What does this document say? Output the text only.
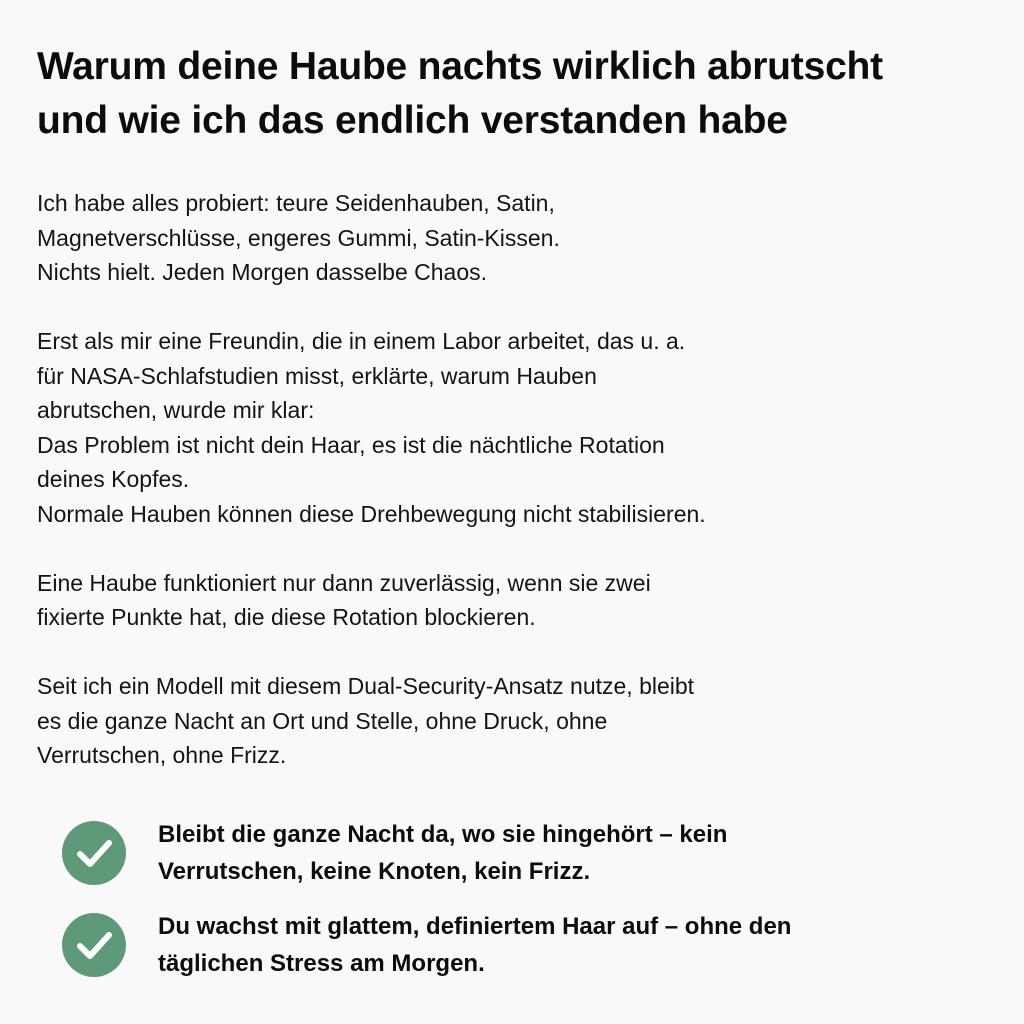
Warum deine Haube nachts wirklich abrutscht
und wie ich das endlich verstanden habe

Ich habe alles probiert: teure Seidenhauben, Satin,
Magnetverschlüsse, engeres Gummi, Satin-Kissen.
Nichts hielt. Jeden Morgen dasselbe Chaos.

Erst als mir eine Freundin, die in einem Labor arbeitet, das u. a.
für NASA-Schlafstudien misst, erklärte, warum Hauben
abrutschen, wurde mir klar:
Das Problem ist nicht dein Haar, es ist die nächtliche Rotation
deines Kopfes.
Normale Hauben können diese Drehbewegung nicht stabilisieren.

Eine Haube funktioniert nur dann zuverlässig, wenn sie zwei
fixierte Punkte hat, die diese Rotation blockieren.

Seit ich ein Modell mit diesem Dual-Security-Ansatz nutze, bleibt
es die ganze Nacht an Ort und Stelle, ohne Druck, ohne
Verrutschen, ohne Frizz.

Bleibt die ganze Nacht da, wo sie hingehört – kein
Verrutschen, keine Knoten, kein Frizz.
Du wachst mit glattem, definiertem Haar auf – ohne den
täglichen Stress am Morgen.
